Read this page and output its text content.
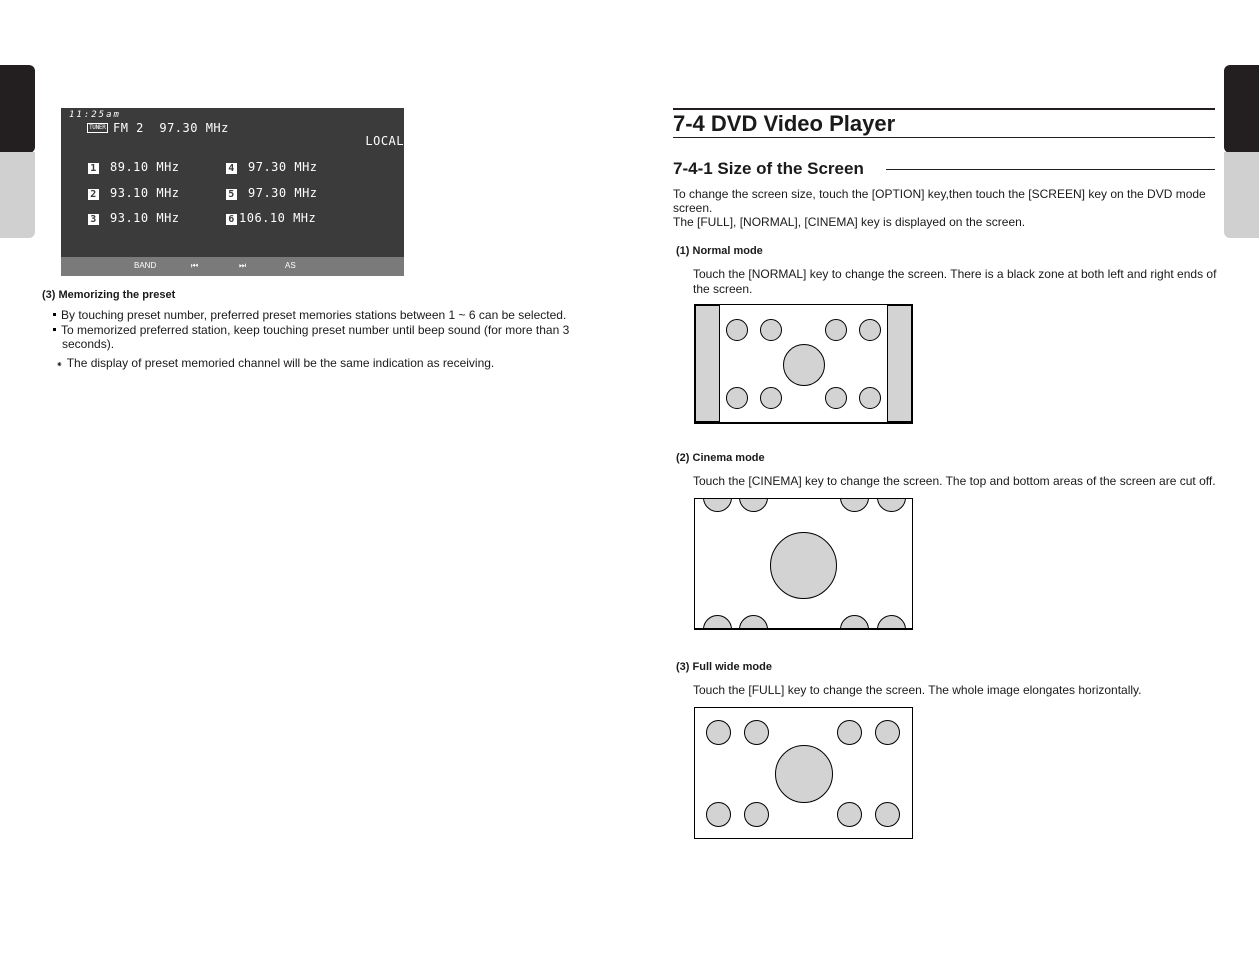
11:25am
TUNER FM 2  97.30 MHz
LOCAL
1 89.10 MHz
2 93.10 MHz
3 93.10 MHz
4 97.30 MHz
5 97.30 MHz
6 106.10 MHz
BAND	⏮	⏭	AS
(3) Memorizing the preset
By touching preset number, preferred preset memories stations between 1 ~ 6 can be selected.
To memorized preferred station, keep touching preset number until beep sound (for more than 3
seconds).
⁕ The display of preset memoried channel will be the same indication as receiving.
7-4 DVD Video Player
7-4-1 Size of the Screen
To change the screen size, touch the [OPTION] key,then touch the [SCREEN] key on the DVD mode screen.
The [FULL], [NORMAL], [CINEMA] key is displayed on the screen.
(1) Normal mode
Touch the [NORMAL] key to change the screen. There is a black zone at both left and right ends of the screen.
(2) Cinema mode
Touch the [CINEMA] key to change the screen. The top and bottom areas of the screen are cut off.
(3) Full wide mode
Touch the [FULL] key to change the screen. The whole image elongates horizontally.
